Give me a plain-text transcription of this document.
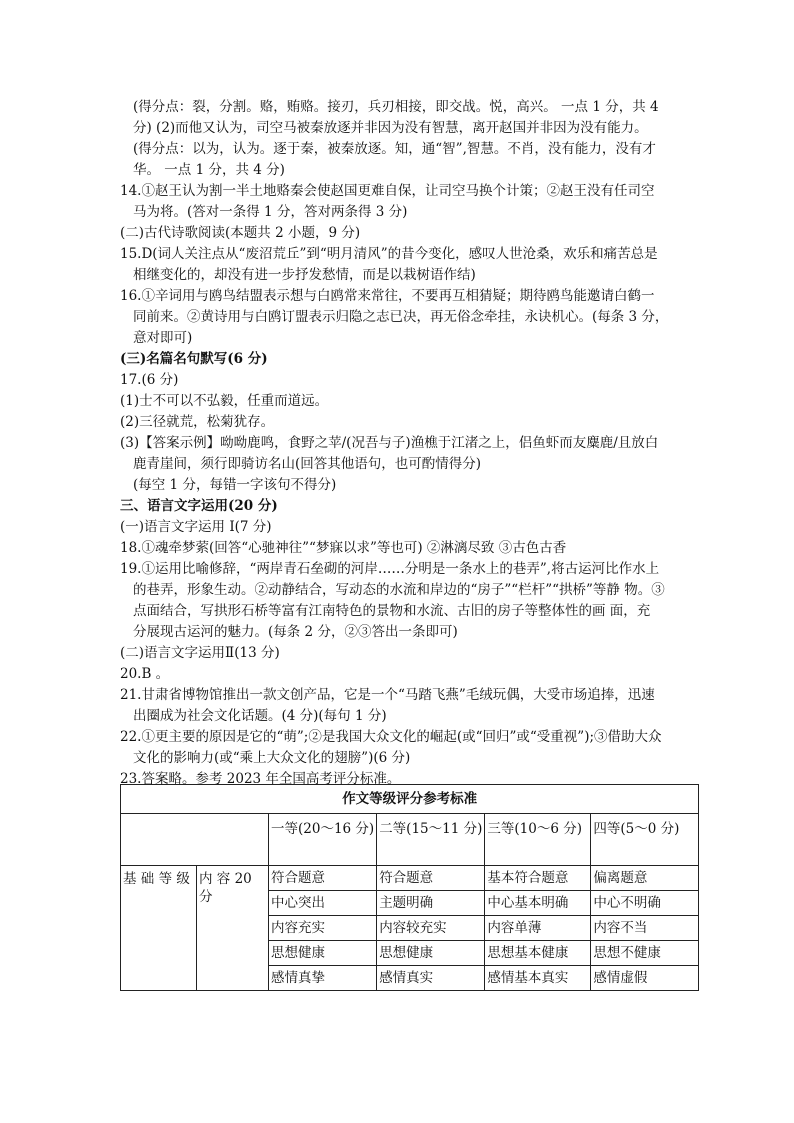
(得分点：裂，分割。赂，贿赂。接刃，兵刃相接，即交战。悦，高兴。 一点 1 分，共 4
分) (2)而他又认为，司空马被秦放逐并非因为没有智慧，离开赵国并非因为没有能力。
(得分点：以为，认为。逐于秦，被秦放逐。知，通“智”,智慧。不肖，没有能力，没有才
华。 一点 1 分，共 4 分)
14.①赵王认为割一半土地赂秦会使赵国更难自保，让司空马换个计策；②赵王没有任司空
马为将。(答对一条得 1 分，答对两条得 3 分)
(二)古代诗歌阅读(本题共 2 小题，9 分)
15.D(词人关注点从“废沼荒丘”到“明月清风”的昔今变化，感叹人世沧桑，欢乐和痛苦总是
相继变化的，却没有进一步抒发愁情，而是以栽树语作结)
16.①辛词用与鸥鸟结盟表示想与白鸥常来常往，不要再互相猜疑；期待鸥鸟能邀请白鹤一
同前来。②黄诗用与白鸥订盟表示归隐之志已决，再无俗念牵挂，永诀机心。(每条 3 分，
意对即可)
(三)名篇名句默写(6 分)
17.(6 分)
(1)士不可以不弘毅，任重而道远。
(2)三径就荒，松菊犹存。
(3)【答案示例】呦呦鹿鸣，食野之苹/(况吾与子)渔樵于江渚之上，侣鱼虾而友麋鹿/且放白
鹿青崖间，须行即骑访名山(回答其他语句，也可酌情得分)
(每空 1 分，每错一字该句不得分)
三、语言文字运用(20 分)
(一)语言文字运用 Ⅰ(7 分)
18.①魂牵梦萦(回答“心驰神往”“梦寐以求”等也可) ②淋漓尽致 ③古色古香
19.①运用比喻修辞，“两岸青石垒砌的河岸……分明是一条水上的巷弄”,将古运河比作水上
的巷弄，形象生动。②动静结合，写动态的水流和岸边的“房子”“栏杆”“拱桥”等静 物。③
点面结合，写拱形石桥等富有江南特色的景物和水流、古旧的房子等整体性的画 面，充
分展现古运河的魅力。(每条 2 分，②③答出一条即可)
(二)语言文字运用Ⅱ(13 分)
20.B 。
21.甘肃省博物馆推出一款文创产品，它是一个“马踏飞燕”毛绒玩偶，大受市场追捧，迅速
出圈成为社会文化话题。(4 分)(每句 1 分)
22.①更主要的原因是它的“萌”;②是我国大众文化的崛起(或“回归”或“受重视”);③借助大众
文化的影响力(或“乘上大众文化的翅膀”)(6 分)
23.答案略。参考 2023 年全国高考评分标准。
作文等级评分参考标准					
		一等(20～16 分)	二等(15～11 分)	三等(10～6 分)	四等(5～0 分)
基 础 等 级	内 容 20 分	符合题意	符合题意	基本符合题意	偏离题意
		中心突出	主题明确	中心基本明确	中心不明确
		内容充实	内容较充实	内容单薄	内容不当
		思想健康	思想健康	思想基本健康	思想不健康
		感情真挚	感情真实	感情基本真实	感情虚假
